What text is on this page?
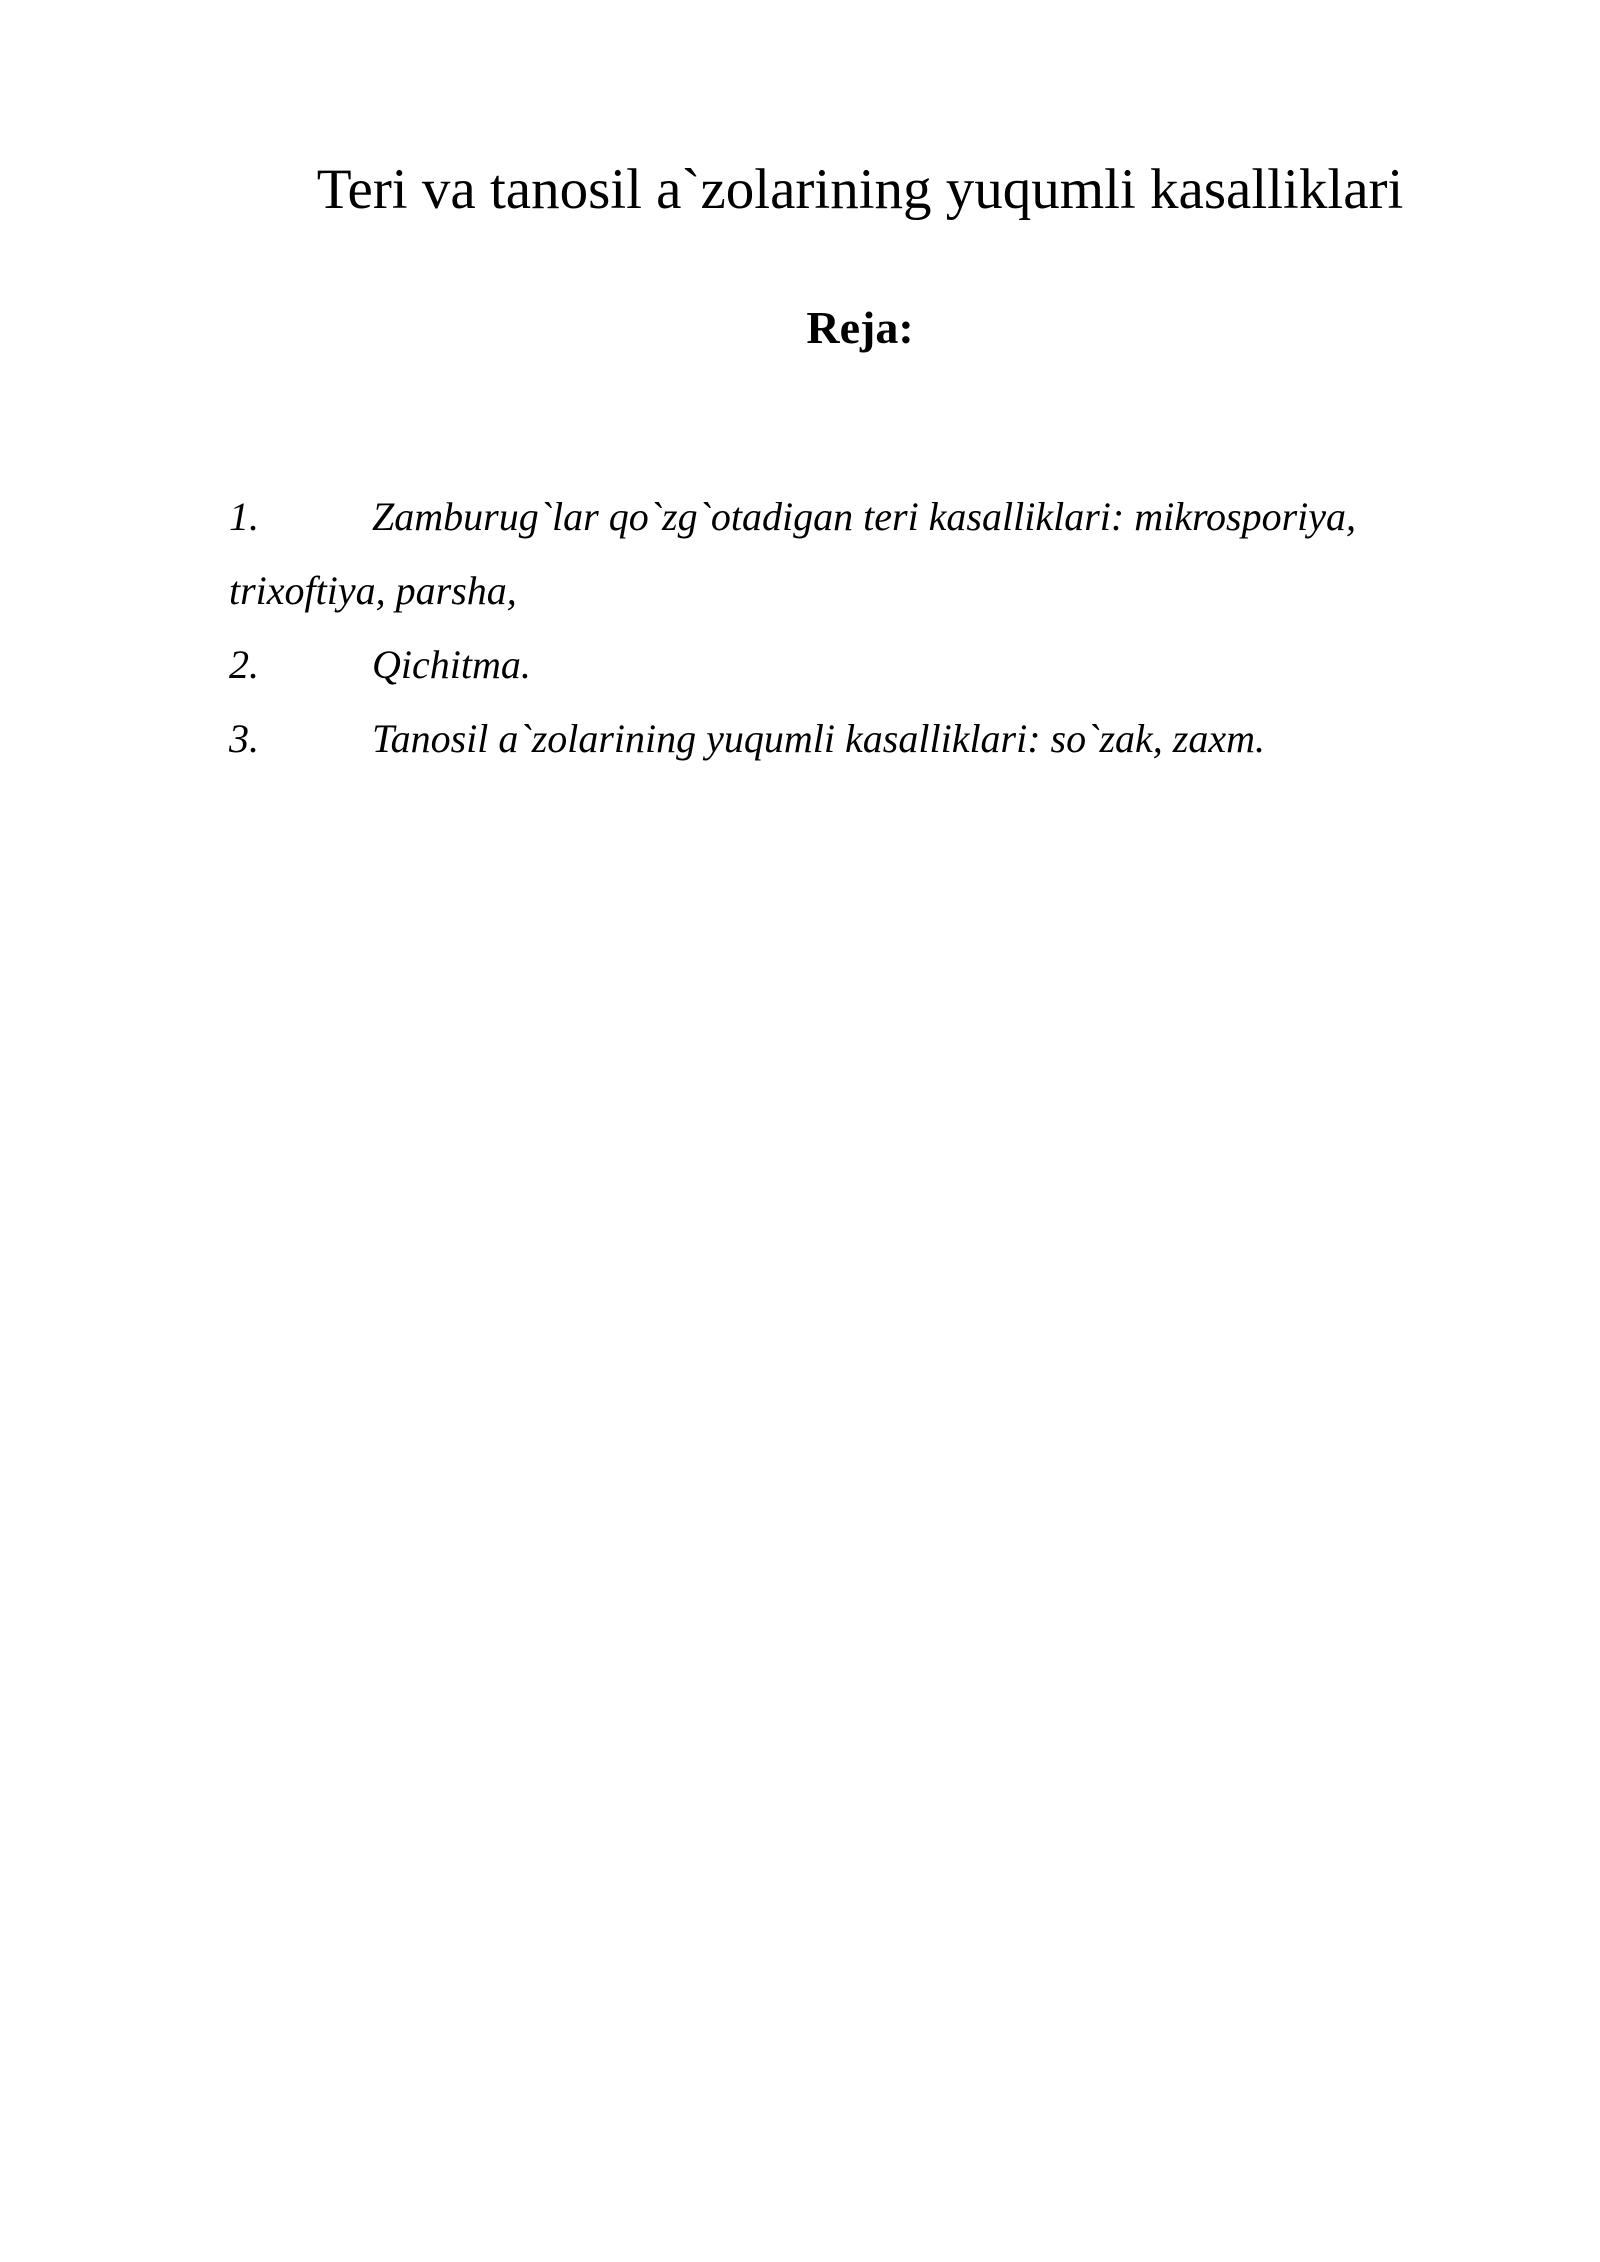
Teri va tanosil a`zolarining yuqumli kasalliklari
Reja:
1.	Zamburug`lar qo`zg`otadigan teri kasalliklari: mikrosporiya, trixoftiya, parsha,
2.	Qichitma.
3.	Tanosil a`zolarining yuqumli kasalliklari: so`zak, zaxm.
